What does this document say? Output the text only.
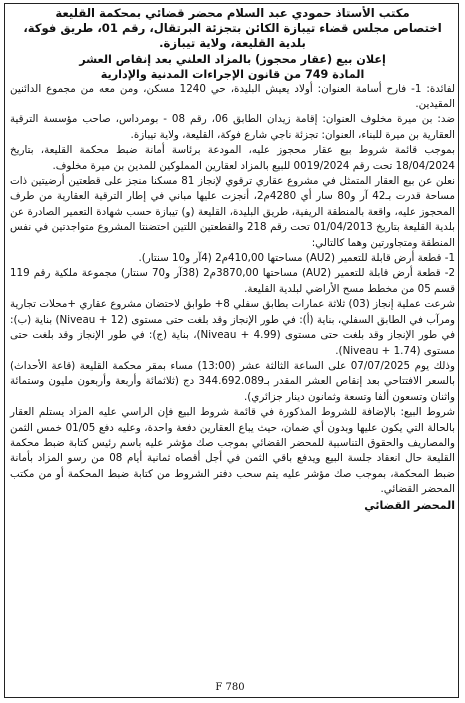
مكتب الأستاذ حمودي عبد السلام محضر قضائي بمحكمة القليعة

اختصاص مجلس قضاء تيبازة الكائن بتجزئة البرتقال، رقم 01، طريق فوكة، بلدية القليعة، ولاية تيبازة.

إعلان بيع (عقار محجوز) بالمزاد العلني بعد إنقاص العشر

المادة 749 من قانون الإجراءات المدنية والإدارية

لفائدة: 1- فارح أسامة العنوان: أولاد يعيش البليدة، حي 1240 مسكن، ومن معه من مجموع الدائنين المقيدين.

ضد: بن ميرة مخلوف العنوان: إقامة زيدان الطابق 06، رقم 08 - بومرداس، صاحب مؤسسة الترقية العقارية بن ميرة للبناء، العنوان: تجزئة ناجي شارع فوكة، القليعة، ولاية تيبازة.

بموجب قائمة شروط بيع عقار محجوز عليه، المودعة برئاسة أمانة ضبط محكمة القليعة، بتاريخ 18/04/2024 تحت رقم 0019/2024 للبيع بالمزاد لعقارين المملوكين للمدين بن ميرة مخلوف.

نعلن عن بيع العقار المتمثل في مشروع عقاري ترقوي لإنجاز 81 مسكنا منجز على قطعتين أرضيتين ذات مساحة قدرت بـ42 آر و80 سار أي 4280م2، أنجزت عليها مباني في إطار الترقية العقارية من طرف المحجوز عليه، واقعة بالمنطقة الريفية، طريق البليدة، القليعة (و) تيبازة حسب شهادة التعمير الصادرة عن بلدية القليعة بتاريخ 01/04/2013 تحت رقم 218 والقطعتين اللتين احتضنتا المشروع متواجدتين في نفس المنطقة ومتجاورتين وهما كالتالي:

1- قطعة أرض قابلة للتعمير (AU2) مساحتها 410,00م2 (4آر و10 سنتار).

2- قطعة أرض قابلة للتعمير (AU2) مساحتها 3870,00م2 (38آر و70 سنتار) مجموعة ملكية رقم 119 قسم 05 من مخطط مسح الأراضي لبلدية القليعة.

شرعت عملية إنجاز (03) ثلاثة عمارات بطابق سفلي 8+ طوابق لاحتضان مشروع عقاري +محلات تجارية ومرآب في الطابق السفلي، بناية (أ): في طور الإنجاز وقد بلغت حتى مستوى (Niveau + 12) بناية (ب): في طور الإنجاز وقد بلغت حتى مستوى (Niveau + 4.99)، بناية (ج): في طور الإنجاز وقد بلغت حتى مستوى (Niveau + 1.74).

وذلك يوم 07/07/2025 على الساعة الثالثة عشر (13:00) مساء بمقر محكمة القليعة (قاعة الأحداث) بالسعر الافتتاحي بعد إنقاص العشر المقدر بـ344.692.089 دج (ثلاثمائة وأربعة وأربعون مليون وستمائة واثنان وتسعون ألفا وتسعة وثمانون دينار جزائري).

شروط البيع: بالإضافة للشروط المذكورة في قائمة شروط البيع فإن الراسي عليه المزاد يستلم العقار بالحالة التي يكون عليها وبدون أي ضمان، حيث يباع العقارين دفعة واحدة، وعليه دفع 01/05 خمس الثمن والمصاريف والحقوق التناسبية للمحضر القضائي بموجب صك مؤشر عليه باسم رئيس كتابة ضبط محكمة القليعة حال انعقاد جلسة البيع ويدفع باقي الثمن في أجل أقصاه ثمانية أيام 08 من رسو المزاد بأمانة ضبط المحكمة، بموجب صك مؤشر عليه يتم سحب دفتر الشروط من كتابة ضبط المحكمة أو من مكتب المحضر القضائي.

المحضر القضائي

F 780
